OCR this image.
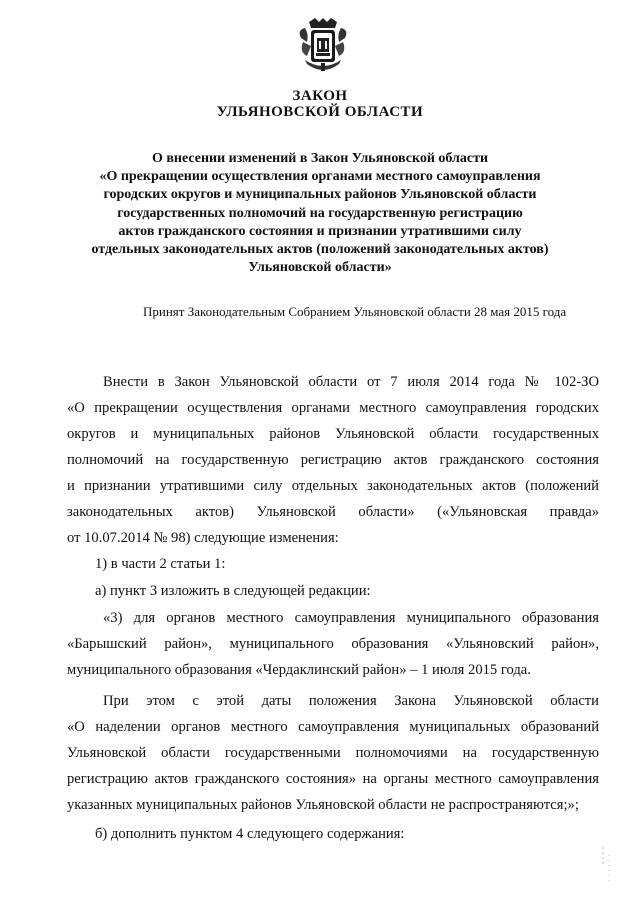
ЗАКОН
УЛЬЯНОВСКОЙ ОБЛАСТИ
О внесении изменений в Закон Ульяновской области
«О прекращении осуществления органами местного самоуправления
городских округов и муниципальных районов Ульяновской области
государственных полномочий на государственную регистрацию
актов гражданского состояния и признании утратившими силу
отдельных законодательных актов (положений законодательных актов)
Ульяновской области»
Принят Законодательным Собранием Ульяновской области 28 мая 2015 года
Внести в Закон Ульяновской области от 7 июля 2014 года № 102-ЗО
«О прекращении осуществления органами местного самоуправления городских
округов и муниципальных районов Ульяновской области государственных
полномочий на государственную регистрацию актов гражданского состояния
и признании утратившими силу отдельных законодательных актов (положений
законодательных актов) Ульяновской области» («Ульяновская правда»
от 10.07.2014 № 98) следующие изменения:
1) в части 2 статьи 1:
а) пункт 3 изложить в следующей редакции:
«3) для органов местного самоуправления муниципального образования
«Барышский район», муниципального образования «Ульяновский район»,
муниципального образования «Чердаклинский район» – 1 июля 2015 года.
При этом с этой даты положения Закона Ульяновской области
«О наделении органов местного самоуправления муниципальных образований
Ульяновской области государственными полномочиями на государственную
регистрацию актов гражданского состояния» на органы местного самоуправления
указанных муниципальных районов Ульяновской области не распространяются;»;
б) дополнить пунктом 4 следующего содержания:
